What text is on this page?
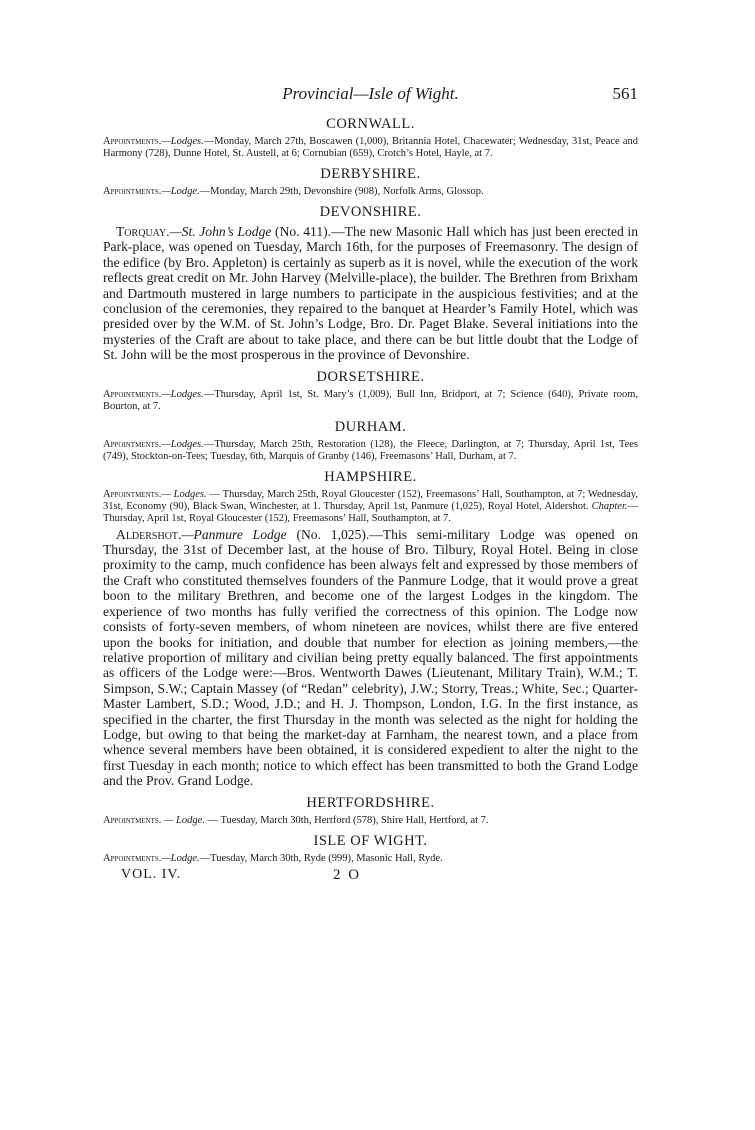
Provincial—Isle of Wight.	561
CORNWALL.

Appointments.—Lodges.—Monday, March 27th, Boscawen (1,000), Britannia Hotel, Chacewater; Wednesday, 31st, Peace and Harmony (728), Dunne Hotel, St. Austell, at 6; Cornubian (659), Crotch’s Hotel, Hayle, at 7.

DERBYSHIRE.

Appointments.—Lodge.—Monday, March 29th, Devonshire (908), Norfolk Arms, Glossop.

DEVONSHIRE.

Torquay.—St. John’s Lodge (No. 411).—The new Masonic Hall which has just been erected in Park-place, was opened on Tuesday, March 16th, for the purposes of Freemasonry. The design of the edifice (by Bro. Appleton) is certainly as superb as it is novel, while the execution of the work reflects great credit on Mr. John Harvey (Melville-place), the builder. The Brethren from Brixham and Dartmouth mustered in large numbers to participate in the auspicious festivities; and at the conclusion of the ceremonies, they repaired to the banquet at Hearder’s Family Hotel, which was presided over by the W.M. of St. John’s Lodge, Bro. Dr. Paget Blake. Several initiations into the mysteries of the Craft are about to take place, and there can be but little doubt that the Lodge of St. John will be the most prosperous in the province of Devonshire.

DORSETSHIRE.

Appointments.—Lodges.—Thursday, April 1st, St. Mary’s (1,009), Bull Inn, Bridport, at 7; Science (640), Private room, Bourton, at 7.

DURHAM.

Appointments.—Lodges.—Thursday, March 25th, Restoration (128), the Fleece, Darlington, at 7; Thursday, April 1st, Tees (749), Stockton-on-Tees; Tuesday, 6th, Marquis of Granby (146), Freemasons’ Hall, Durham, at 7.

HAMPSHIRE.

Appointments.— Lodges. — Thursday, March 25th, Royal Gloucester (152), Freemasons’ Hall, Southampton, at 7; Wednesday, 31st, Economy (90), Black Swan, Winchester, at 1. Thursday, April 1st, Panmure (1,025), Royal Hotel, Aldershot. Chapter.—Thursday, April 1st, Royal Gloucester (152), Freemasons’ Hall, Southampton, at 7.

Aldershot.—Panmure Lodge (No. 1,025).—This semi-military Lodge was opened on Thursday, the 31st of December last, at the house of Bro. Tilbury, Royal Hotel. Being in close proximity to the camp, much confidence has been always felt and expressed by those members of the Craft who constituted themselves founders of the Panmure Lodge, that it would prove a great boon to the military Brethren, and become one of the largest Lodges in the kingdom. The experience of two months has fully verified the correctness of this opinion. The Lodge now consists of forty-seven members, of whom nineteen are novices, whilst there are five entered upon the books for initiation, and double that number for election as joining members,—the relative proportion of military and civilian being pretty equally balanced. The first appointments as officers of the Lodge were:—Bros. Wentworth Dawes (Lieutenant, Military Train), W.M.; T. Simpson, S.W.; Captain Massey (of “Redan” celebrity), J.W.; Storry, Treas.; White, Sec.; Quarter-Master Lambert, S.D.; Wood, J.D.; and H. J. Thompson, London, I.G. In the first instance, as specified in the charter, the first Thursday in the month was selected as the night for holding the Lodge, but owing to that being the market-day at Farnham, the nearest town, and a place from whence several members have been obtained, it is considered expedient to alter the night to the first Tuesday in each month; notice to which effect has been transmitted to both the Grand Lodge and the Prov. Grand Lodge.

HERTFORDSHIRE.

Appointments. — Lodge. — Tuesday, March 30th, Hertford (578), Shire Hall, Hertford, at 7.

ISLE OF WIGHT.

Appointments.—Lodge.—Tuesday, March 30th, Ryde (999), Masonic Hall, Ryde.

VOL. IV.	2 O
